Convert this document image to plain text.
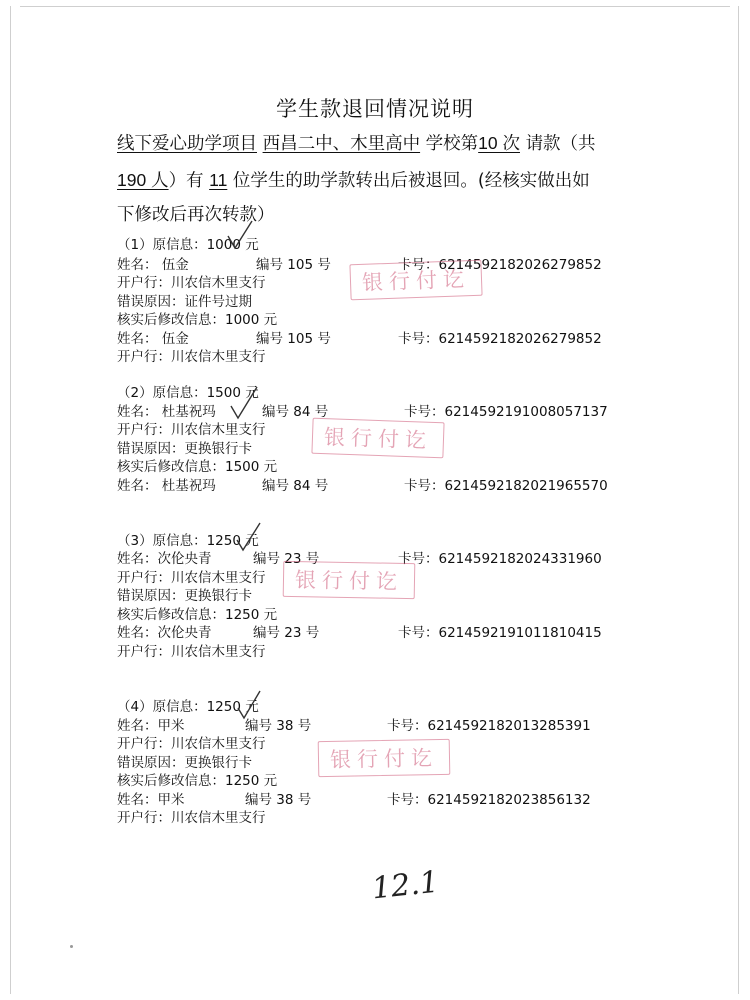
学生款退回情况说明
线下爱心助学项目 西昌二中、木里高中 学校第10 次 请款（共
190 人）有 11 位学生的助学款转出后被退回。(经核实做出如
下修改后再次转款）
（1）原信息：1000 元
姓名： 伍金	编号 105 号	卡号：6214592182026279852
开户行：川农信木里支行
错误原因：证件号过期
核实后修改信息：1000 元
姓名： 伍金	编号 105 号	卡号：6214592182026279852
开户行：川农信木里支行
（2）原信息：1500 元
姓名： 杜基祝玛	编号 84 号	卡号：6214592191008057137
开户行：川农信木里支行
错误原因：更换银行卡
核实后修改信息：1500 元
姓名： 杜基祝玛	编号 84 号	卡号：6214592182021965570
（3）原信息：1250 元
姓名：次伦央青	编号 23 号	卡号：6214592182024331960
开户行：川农信木里支行
错误原因：更换银行卡
核实后修改信息：1250 元
姓名：次伦央青	编号 23 号	卡号：6214592191011810415
开户行：川农信木里支行
（4）原信息：1250 元
姓名：甲米	编号 38 号	卡号：6214592182013285391
开户行：川农信木里支行
错误原因：更换银行卡
核实后修改信息：1250 元
姓名：甲米	编号 38 号	卡号：6214592182023856132
开户行：川农信木里支行
银行付讫
银行付讫
银行付讫
银行付讫
12.1
